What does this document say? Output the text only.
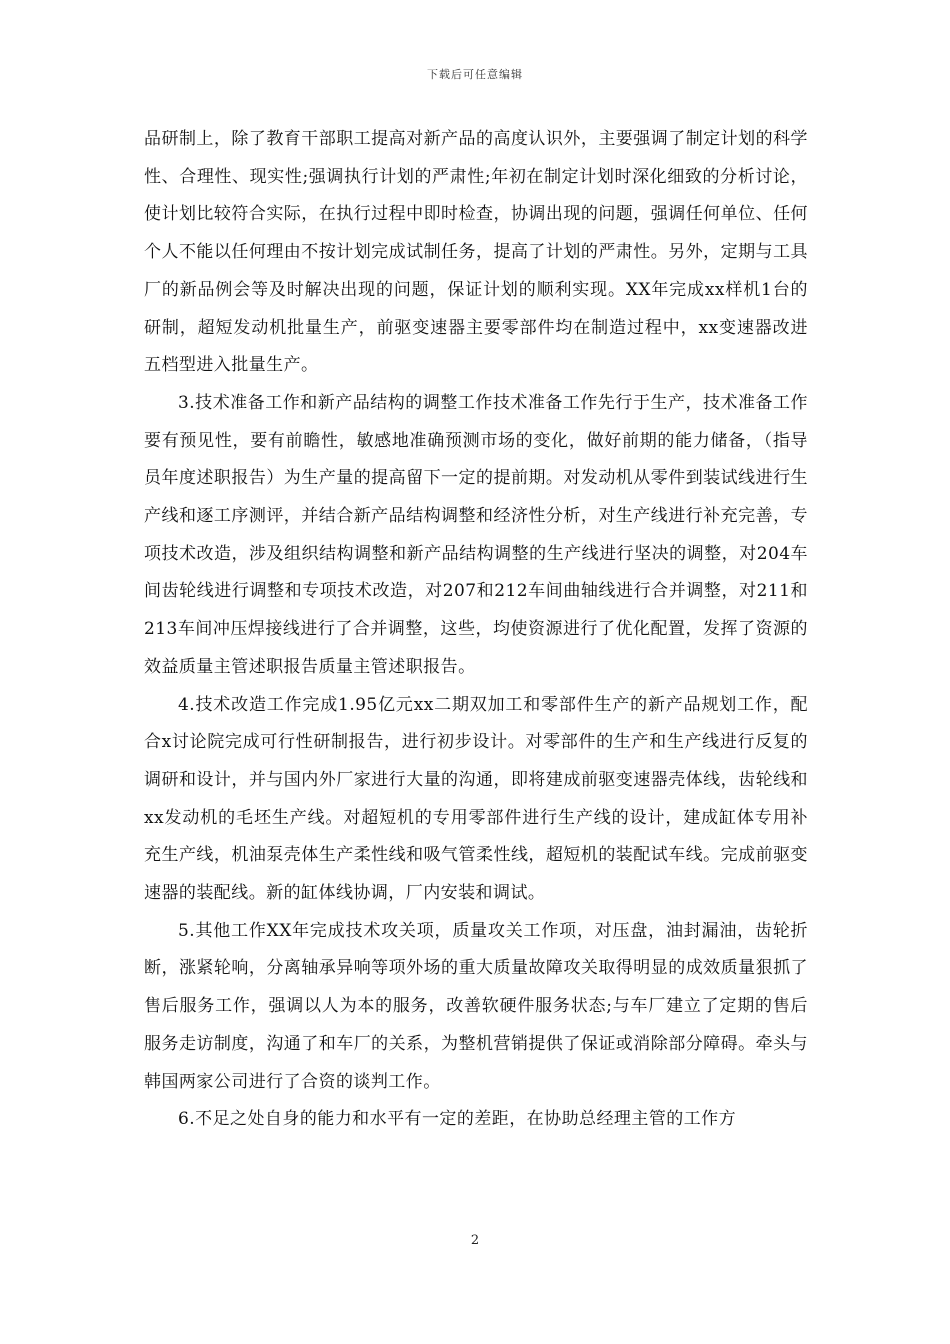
下载后可任意编辑

品研制上，除了教育干部职工提高对新产品的高度认识外，主要强调了制定计划的科学性、合理性、现实性;强调执行计划的严肃性;年初在制定计划时深化细致的分析讨论，使计划比较符合实际，在执行过程中即时检查，协调出现的问题，强调任何单位、任何个人不能以任何理由不按计划完成试制任务，提高了计划的严肃性。另外，定期与工具厂的新品例会等及时解决出现的问题，保证计划的顺利实现。XX年完成xx样机1台的研制，超短发动机批量生产，前驱变速器主要零部件均在制造过程中，xx变速器改进五档型进入批量生产。

3.技术准备工作和新产品结构的调整工作技术准备工作先行于生产，技术准备工作要有预见性，要有前瞻性，敏感地准确预测市场的变化，做好前期的能力储备，（指导员年度述职报告）为生产量的提高留下一定的提前期。对发动机从零件到装试线进行生产线和逐工序测评，并结合新产品结构调整和经济性分析，对生产线进行补充完善，专项技术改造，涉及组织结构调整和新产品结构调整的生产线进行坚决的调整，对204车间齿轮线进行调整和专项技术改造，对207和212车间曲轴线进行合并调整，对211和213车间冲压焊接线进行了合并调整，这些，均使资源进行了优化配置，发挥了资源的效益质量主管述职报告质量主管述职报告。

4.技术改造工作完成1.95亿元xx二期双加工和零部件生产的新产品规划工作，配合x讨论院完成可行性研制报告，进行初步设计。对零部件的生产和生产线进行反复的调研和设计，并与国内外厂家进行大量的沟通，即将建成前驱变速器壳体线，齿轮线和xx发动机的毛坯生产线。对超短机的专用零部件进行生产线的设计，建成缸体专用补充生产线，机油泵壳体生产柔性线和吸气管柔性线，超短机的装配试车线。完成前驱变速器的装配线。新的缸体线协调，厂内安装和调试。

5.其他工作XX年完成技术攻关项，质量攻关工作项，对压盘，油封漏油，齿轮折断，涨紧轮响，分离轴承异响等项外场的重大质量故障攻关取得明显的成效质量狠抓了售后服务工作，强调以人为本的服务，改善软硬件服务状态;与车厂建立了定期的售后服务走访制度，沟通了和车厂的关系，为整机营销提供了保证或消除部分障碍。牵头与韩国两家公司进行了合资的谈判工作。

6.不足之处自身的能力和水平有一定的差距，在协助总经理主管的工作方

2
